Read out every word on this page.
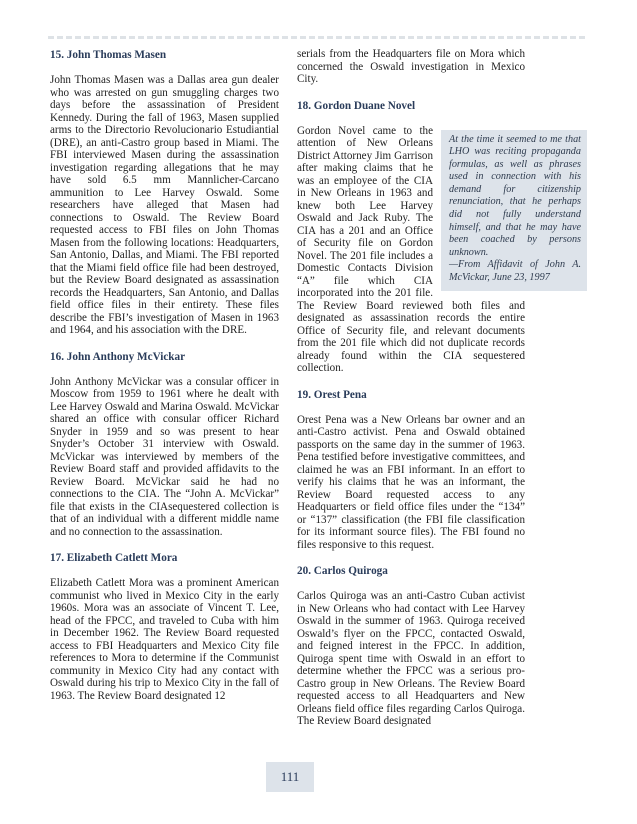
15. John Thomas Masen

John Thomas Masen was a Dallas area gun dealer who was arrested on gun smuggling charges two days before the assassination of President Kennedy. During the fall of 1963, Masen supplied arms to the Directorio Revolucionario Estudiantial (DRE), an anti-Castro group based in Miami. The FBI interviewed Masen during the assassination investigation regarding allegations that he may have sold 6.5 mm Mannlicher-Carcano ammunition to Lee Harvey Oswald. Some researchers have alleged that Masen had connections to Oswald. The Review Board requested access to FBI files on John Thomas Masen from the following locations: Headquarters, San Antonio, Dallas, and Miami. The FBI reported that the Miami field office file had been destroyed, but the Review Board designated as assassination records the Headquarters, San Antonio, and Dallas field office files in their entirety. These files describe the FBI’s investigation of Masen in 1963 and 1964, and his association with the DRE.

16. John Anthony McVickar

John Anthony McVickar was a consular officer in Moscow from 1959 to 1961 where he dealt with Lee Harvey Oswald and Marina Oswald. McVickar shared an office with consular officer Richard Snyder in 1959 and so was present to hear Snyder’s October 31 interview with Oswald. McVickar was interviewed by members of the Review Board staff and provided affidavits to the Review Board. McVickar said he had no connections to the CIA. The “John A. McVickar” file that exists in the CIAsequestered collection is that of an individual with a different middle name and no connection to the assassination.

17. Elizabeth Catlett Mora

Elizabeth Catlett Mora was a prominent American communist who lived in Mexico City in the early 1960s. Mora was an associate of Vincent T. Lee, head of the FPCC, and traveled to Cuba with him in December 1962. The Review Board requested access to FBI Headquarters and Mexico City file references to Mora to determine if the Communist community in Mexico City had any contact with Oswald during his trip to Mexico City in the fall of 1963. The Review Board designated 12

serials from the Headquarters file on Mora which concerned the Oswald investigation in Mexico City.

18. Gordon Duane Novel

At the time it seemed to me that LHO was reciting propaganda formulas, as well as phrases used in connection with his demand for citizenship renunciation, that he perhaps did not fully understand himself, and that he may have been coached by persons unknown.

—From Affidavit of John A. McVickar, June 23, 1997

Gordon Novel came to the attention of New Orleans District Attorney Jim Garrison after making claims that he was an employee of the CIA in New Orleans in 1963 and knew both Lee Harvey Oswald and Jack Ruby. The CIA has a 201 and an Office of Security file on Gordon Novel. The 201 file includes a Domestic Contacts Division “A” file which CIA incorporated into the 201 file. The Review Board reviewed both files and designated as assassination records the entire Office of Security file, and relevant documents from the 201 file which did not duplicate records already found within the CIA sequestered collection.

19. Orest Pena

Orest Pena was a New Orleans bar owner and an anti-Castro activist. Pena and Oswald obtained passports on the same day in the summer of 1963. Pena testified before investigative committees, and claimed he was an FBI informant. In an effort to verify his claims that he was an informant, the Review Board requested access to any Headquarters or field office files under the “134” or “137” classification (the FBI file classification for its informant source files). The FBI found no files responsive to this request.

20. Carlos Quiroga

Carlos Quiroga was an anti-Castro Cuban activist in New Orleans who had contact with Lee Harvey Oswald in the summer of 1963. Quiroga received Oswald’s flyer on the FPCC, contacted Oswald, and feigned interest in the FPCC. In addition, Quiroga spent time with Oswald in an effort to determine whether the FPCC was a serious pro-Castro group in New Orleans. The Review Board requested access to all Headquarters and New Orleans field office files regarding Carlos Quiroga. The Review Board designated

111
